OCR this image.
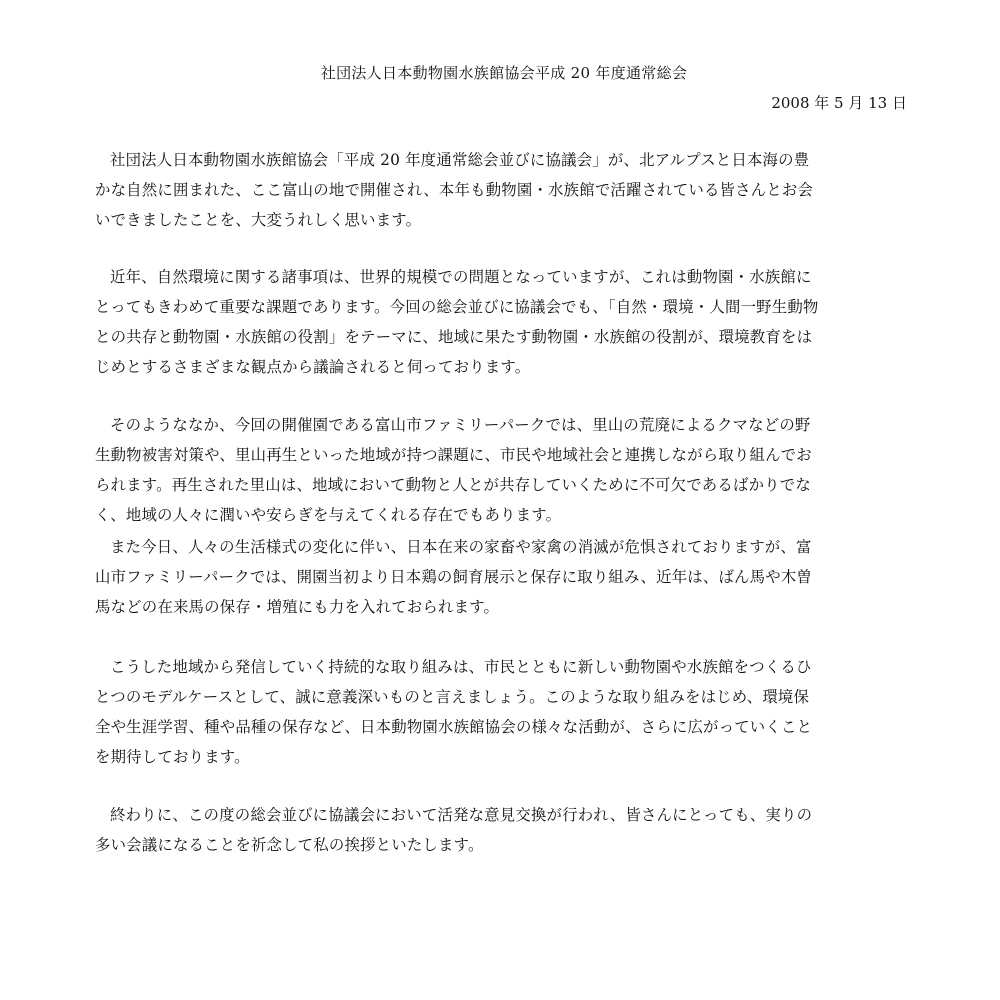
社団法人日本動物園水族館協会平成 20 年度通常総会
2008 年 5 月 13 日
社団法人日本動物園水族館協会「平成 20 年度通常総会並びに協議会」が、北アルプスと日本海の豊
かな自然に囲まれた、ここ富山の地で開催され、本年も動物園・水族館で活躍されている皆さんとお会
いできましたことを、大変うれしく思います。
近年、自然環境に関する諸事項は、世界的規模での問題となっていますが、これは動物園・水族館に
とってもきわめて重要な課題であります。今回の総会並びに協議会でも、「自然・環境・人間一野生動物
との共存と動物園・水族館の役割」をテーマに、地域に果たす動物園・水族館の役割が、環境教育をは
じめとするさまざまな観点から議論されると伺っております。
そのようななか、今回の開催園である富山市ファミリーパークでは、里山の荒廃によるクマなどの野
生動物被害対策や、里山再生といった地域が持つ課題に、市民や地域社会と連携しながら取り組んでお
られます。再生された里山は、地域において動物と人とが共存していくために不可欠であるばかりでな
く、地域の人々に潤いや安らぎを与えてくれる存在でもあります。
また今日、人々の生活様式の変化に伴い、日本在来の家畜や家禽の消滅が危惧されておりますが、富
山市ファミリーパークでは、開園当初より日本鶏の飼育展示と保存に取り組み、近年は、ばん馬や木曽
馬などの在来馬の保存・増殖にも力を入れておられます。
こうした地域から発信していく持続的な取り組みは、市民とともに新しい動物園や水族館をつくるひ
とつのモデルケースとして、誠に意義深いものと言えましょう。このような取り組みをはじめ、環境保
全や生涯学習、種や品種の保存など、日本動物園水族館協会の様々な活動が、さらに広がっていくこと
を期待しております。
終わりに、この度の総会並びに協議会において活発な意見交換が行われ、皆さんにとっても、実りの
多い会議になることを祈念して私の挨拶といたします。
